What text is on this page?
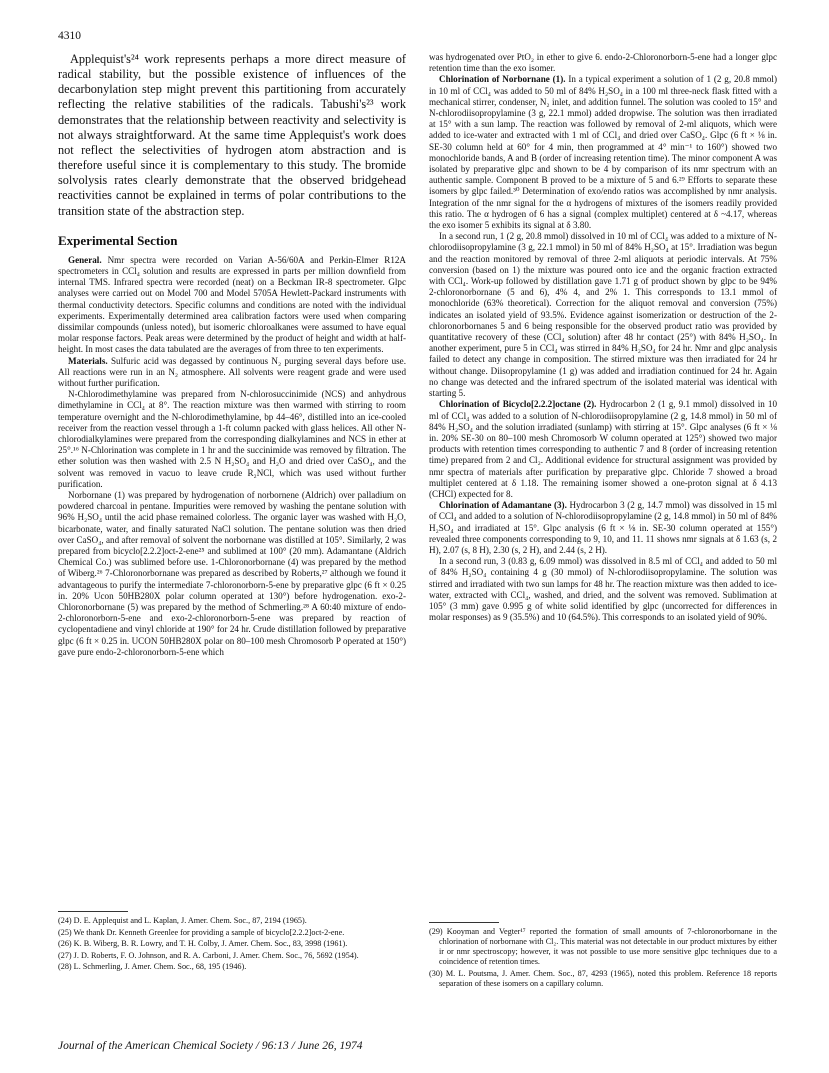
4310

Applequist's²⁴ work represents perhaps a more direct measure of radical stability, but the possible existence of influences of the decarbonylation step might prevent this partitioning from accurately reflecting the relative stabilities of the radicals. Tabushi's²³ work demonstrates that the relationship between reactivity and selectivity is not always straightforward. At the same time Applequist's work does not reflect the selectivities of hydrogen atom abstraction and is therefore useful since it is complementary to this study. The bromide solvolysis rates clearly demonstrate that the observed bridgehead reactivities cannot be explained in terms of polar contributions to the transition state of the abstraction step.

Experimental Section

General. Nmr spectra were recorded on Varian A-56/60A and Perkin-Elmer R12A spectrometers in CCl₄ solution and results are expressed in parts per million downfield from internal TMS. Infrared spectra were recorded (neat) on a Beckman IR-8 spectrometer. Glpc analyses were carried out on Model 700 and Model 5705A Hewlett-Packard instruments with thermal conductivity detectors. Specific columns and conditions are noted with the individual experiments. Experimentally determined area calibration factors were used when comparing dissimilar compounds (unless noted), but isomeric chloroalkanes were assumed to have equal molar response factors. Peak areas were determined by the product of height and width at half-height. In most cases the data tabulated are the averages of from three to ten experiments.

Materials. Sulfuric acid was degassed by continuous N₂ purging several days before use. All reactions were run in an N₂ atmosphere. All solvents were reagent grade and were used without further purification.

N-Chlorodimethylamine was prepared from N-chlorosuccinimide (NCS) and anhydrous dimethylamine in CCl₄ at 8°. The reaction mixture was then warmed with stirring to room temperature overnight and the N-chlorodimethylamine, bp 44–46°, distilled into an ice-cooled receiver from the reaction vessel through a 1-ft column packed with glass helices. All other N-chlorodialkylamines were prepared from the corresponding dialkylamines and NCS in ether at 25°.¹⁶ N-Chlorination was complete in 1 hr and the succinimide was removed by filtration. The ether solution was then washed with 2.5 N H₂SO₄ and H₂O and dried over CaSO₄, and the solvent was removed in vacuo to leave crude R₂NCl, which was used without further purification.

Norbornane (1) was prepared by hydrogenation of norbornene (Aldrich) over palladium on powdered charcoal in pentane. Impurities were removed by washing the pentane solution with 96% H₂SO₄ until the acid phase remained colorless. The organic layer was washed with H₂O, bicarbonate, water, and finally saturated NaCl solution. The pentane solution was then dried over CaSO₄, and after removal of solvent the norbornane was distilled at 105°. Similarly, 2 was prepared from bicyclo[2.2.2]oct-2-ene²⁵ and sublimed at 100° (20 mm). Adamantane (Aldrich Chemical Co.) was sublimed before use. 1-Chloronorbornane (4) was prepared by the method of Wiberg.²⁶ 7-Chloronorbornane was prepared as described by Roberts,²⁷ although we found it advantageous to purify the intermediate 7-chloronorborn-5-ene by preparative glpc (6 ft × 0.25 in. 20% Ucon 50HB280X polar column operated at 130°) before hydrogenation. exo-2-Chloronorbornane (5) was prepared by the method of Schmerling.²⁸ A 60:40 mixture of endo-2-chloronorborn-5-ene and exo-2-chloronorborn-5-ene was prepared by reaction of cyclopentadiene and vinyl chloride at 190° for 24 hr. Crude distillation followed by preparative glpc (6 ft × 0.25 in. UCON 50HB280X polar on 80–100 mesh Chromosorb P operated at 150°) gave pure endo-2-chloronorborn-5-ene which

(24) D. E. Applequist and L. Kaplan, J. Amer. Chem. Soc., 87, 2194 (1965).

(25) We thank Dr. Kenneth Greenlee for providing a sample of bicyclo[2.2.2]oct-2-ene.

(26) K. B. Wiberg, B. R. Lowry, and T. H. Colby, J. Amer. Chem. Soc., 83, 3998 (1961).

(27) J. D. Roberts, F. O. Johnson, and R. A. Carboni, J. Amer. Chem. Soc., 76, 5692 (1954).

(28) L. Schmerling, J. Amer. Chem. Soc., 68, 195 (1946).

was hydrogenated over PtO₂ in ether to give 6. endo-2-Chloronorborn-5-ene had a longer glpc retention time than the exo isomer.

Chlorination of Norbornane (1). In a typical experiment a solution of 1 (2 g, 20.8 mmol) in 10 ml of CCl₄ was added to 50 ml of 84% H₂SO₄ in a 100 ml three-neck flask fitted with a mechanical stirrer, condenser, N₂ inlet, and addition funnel. The solution was cooled to 15° and N-chlorodiisopropylamine (3 g, 22.1 mmol) added dropwise. The solution was then irradiated at 15° with a sun lamp. The reaction was followed by removal of 2-ml aliquots, which were added to ice-water and extracted with 1 ml of CCl₄ and dried over CaSO₄. Glpc (6 ft × ⅛ in. SE-30 column held at 60° for 4 min, then programmed at 4° min⁻¹ to 160°) showed two monochloride bands, A and B (order of increasing retention time). The minor component A was isolated by preparative glpc and shown to be 4 by comparison of its nmr spectrum with an authentic sample. Component B proved to be a mixture of 5 and 6.²⁹ Efforts to separate these isomers by glpc failed.³⁰ Determination of exo/endo ratios was accomplished by nmr analysis. Integration of the nmr signal for the α hydrogens of mixtures of the isomers readily provided this ratio. The α hydrogen of 6 has a signal (complex multiplet) centered at δ ~4.17, whereas the exo isomer 5 exhibits its signal at δ 3.80.

In a second run, 1 (2 g, 20.8 mmol) dissolved in 10 ml of CCl₄ was added to a mixture of N-chlorodiisopropylamine (3 g, 22.1 mmol) in 50 ml of 84% H₂SO₄ at 15°. Irradiation was begun and the reaction monitored by removal of three 2-ml aliquots at periodic intervals. At 75% conversion (based on 1) the mixture was poured onto ice and the organic fraction extracted with CCl₄. Work-up followed by distillation gave 1.71 g of product shown by glpc to be 94% 2-chloronorbornane (5 and 6), 4% 4, and 2% 1. This corresponds to 13.1 mmol of monochloride (63% theoretical). Correction for the aliquot removal and conversion (75%) indicates an isolated yield of 93.5%. Evidence against isomerization or destruction of the 2-chloronorbornanes 5 and 6 being responsible for the observed product ratio was provided by quantitative recovery of these (CCl₄ solution) after 48 hr contact (25°) with 84% H₂SO₄. In another experiment, pure 5 in CCl₄ was stirred in 84% H₂SO₄ for 24 hr. Nmr and glpc analysis failed to detect any change in composition. The stirred mixture was then irradiated for 24 hr without change. Diisopropylamine (1 g) was added and irradiation continued for 24 hr. Again no change was detected and the infrared spectrum of the isolated material was identical with starting 5.

Chlorination of Bicyclo[2.2.2]octane (2). Hydrocarbon 2 (1 g, 9.1 mmol) dissolved in 10 ml of CCl₄ was added to a solution of N-chlorodiisopropylamine (2 g, 14.8 mmol) in 50 ml of 84% H₂SO₄ and the solution irradiated (sunlamp) with stirring at 15°. Glpc analyses (6 ft × ⅛ in. 20% SE-30 on 80–100 mesh Chromosorb W column operated at 125°) showed two major products with retention times corresponding to authentic 7 and 8 (order of increasing retention time) prepared from 2 and Cl₂. Additional evidence for structural assignment was provided by nmr spectra of materials after purification by preparative glpc. Chloride 7 showed a broad multiplet centered at δ 1.18. The remaining isomer showed a one-proton signal at δ 4.13 (CHCl) expected for 8.

Chlorination of Adamantane (3). Hydrocarbon 3 (2 g, 14.7 mmol) was dissolved in 15 ml of CCl₄ and added to a solution of N-chlorodiisopropylamine (2 g, 14.8 mmol) in 50 ml of 84% H₂SO₄ and irradiated at 15°. Glpc analysis (6 ft × ⅛ in. SE-30 column operated at 155°) revealed three components corresponding to 9, 10, and 11. 11 shows nmr signals at δ 1.63 (s, 2 H), 2.07 (s, 8 H), 2.30 (s, 2 H), and 2.44 (s, 2 H).

In a second run, 3 (0.83 g, 6.09 mmol) was dissolved in 8.5 ml of CCl₄ and added to 50 ml of 84% H₂SO₄ containing 4 g (30 mmol) of N-chlorodiisopropylamine. The solution was stirred and irradiated with two sun lamps for 48 hr. The reaction mixture was then added to ice-water, extracted with CCl₄, washed, and dried, and the solvent was removed. Sublimation at 105° (3 mm) gave 0.995 g of white solid identified by glpc (uncorrected for differences in molar responses) as 9 (35.5%) and 10 (64.5%). This corresponds to an isolated yield of 90%.

(29) Kooyman and Vegter¹⁷ reported the formation of small amounts of 7-chloronorbornane in the chlorination of norbornane with Cl₂. This material was not detectable in our product mixtures by either ir or nmr spectroscopy; however, it was not possible to use more sensitive glpc techniques due to a coincidence of retention times.

(30) M. L. Poutsma, J. Amer. Chem. Soc., 87, 4293 (1965), noted this problem. Reference 18 reports separation of these isomers on a capillary column.

Journal of the American Chemical Society / 96:13 / June 26, 1974
